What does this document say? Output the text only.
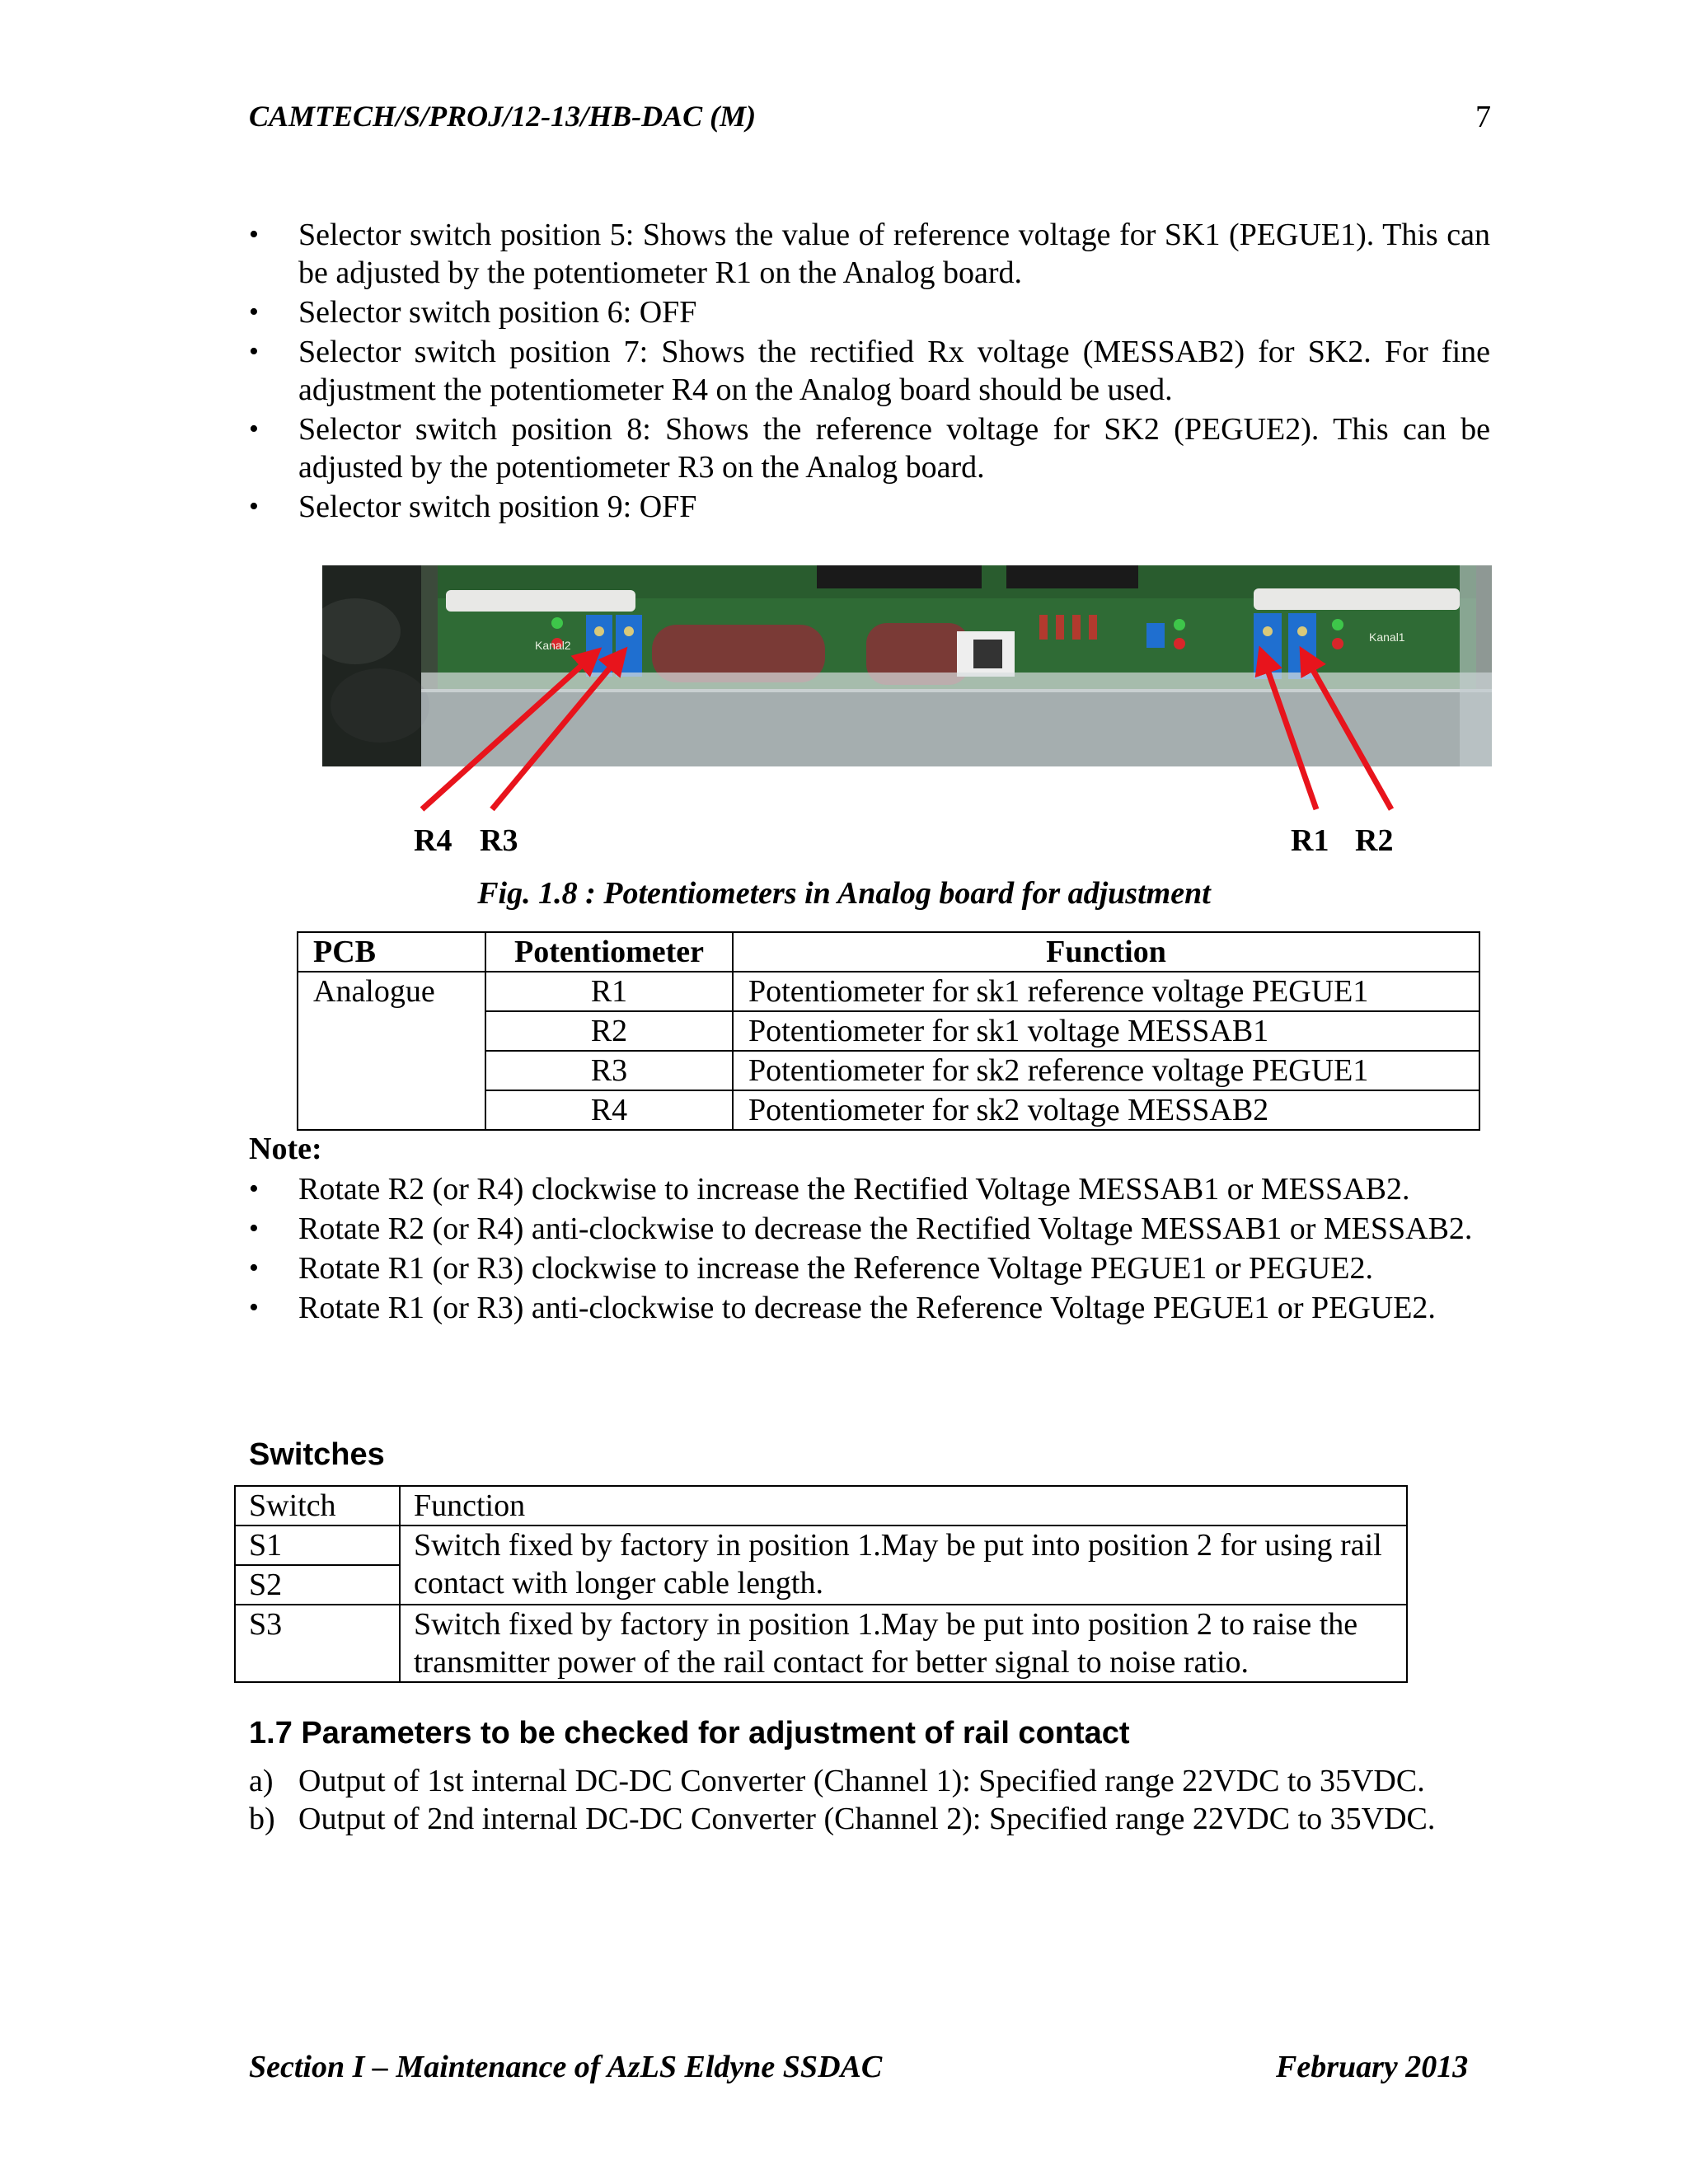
CAMTECH/S/PROJ/12-13/HB-DAC (M)	7
• Selector switch position 5: Shows the value of reference voltage for SK1 (PEGUE1). This can be adjusted by the potentiometer R1 on the Analog board.
• Selector switch position 6: OFF
• Selector switch position 7: Shows the rectified Rx voltage (MESSAB2) for SK2. For fine adjustment the potentiometer R4 on the Analog board should be used.
• Selector switch position 8: Shows the reference voltage for SK2 (PEGUE2). This can be adjusted by the potentiometer R3 on the Analog board.
• Selector switch position 9: OFF
Kanal2
Kanal1
R4 R3	R1 R2
Fig. 1.8 : Potentiometers in Analog board for adjustment
PCB	Potentiometer	Function
Analogue	R1	Potentiometer for sk1 reference voltage PEGUE1
	R2	Potentiometer for sk1 voltage MESSAB1
	R3	Potentiometer for sk2 reference voltage PEGUE1
	R4	Potentiometer for sk2 voltage MESSAB2
Note:
• Rotate R2 (or R4) clockwise to increase the Rectified Voltage MESSAB1 or MESSAB2.
• Rotate R2 (or R4) anti-clockwise to decrease the Rectified Voltage MESSAB1 or MESSAB2.
• Rotate R1 (or R3) clockwise to increase the Reference Voltage PEGUE1 or PEGUE2.
• Rotate R1 (or R3) anti-clockwise to decrease the Reference Voltage PEGUE1 or PEGUE2.
Switches
Switch	Function
S1	Switch fixed by factory in position 1.May be put into position 2 for using rail contact with longer cable length.
S2	
S3	Switch fixed by factory in position 1.May be put into position 2 to raise the transmitter power of the rail contact for better signal to noise ratio.
1.7 Parameters to be checked for adjustment of rail contact
a) Output of 1st internal DC-DC Converter (Channel 1): Specified range 22VDC to 35VDC.
b) Output of 2nd internal DC-DC Converter (Channel 2): Specified range 22VDC to 35VDC.
Section I – Maintenance of AzLS Eldyne SSDAC	February 2013
